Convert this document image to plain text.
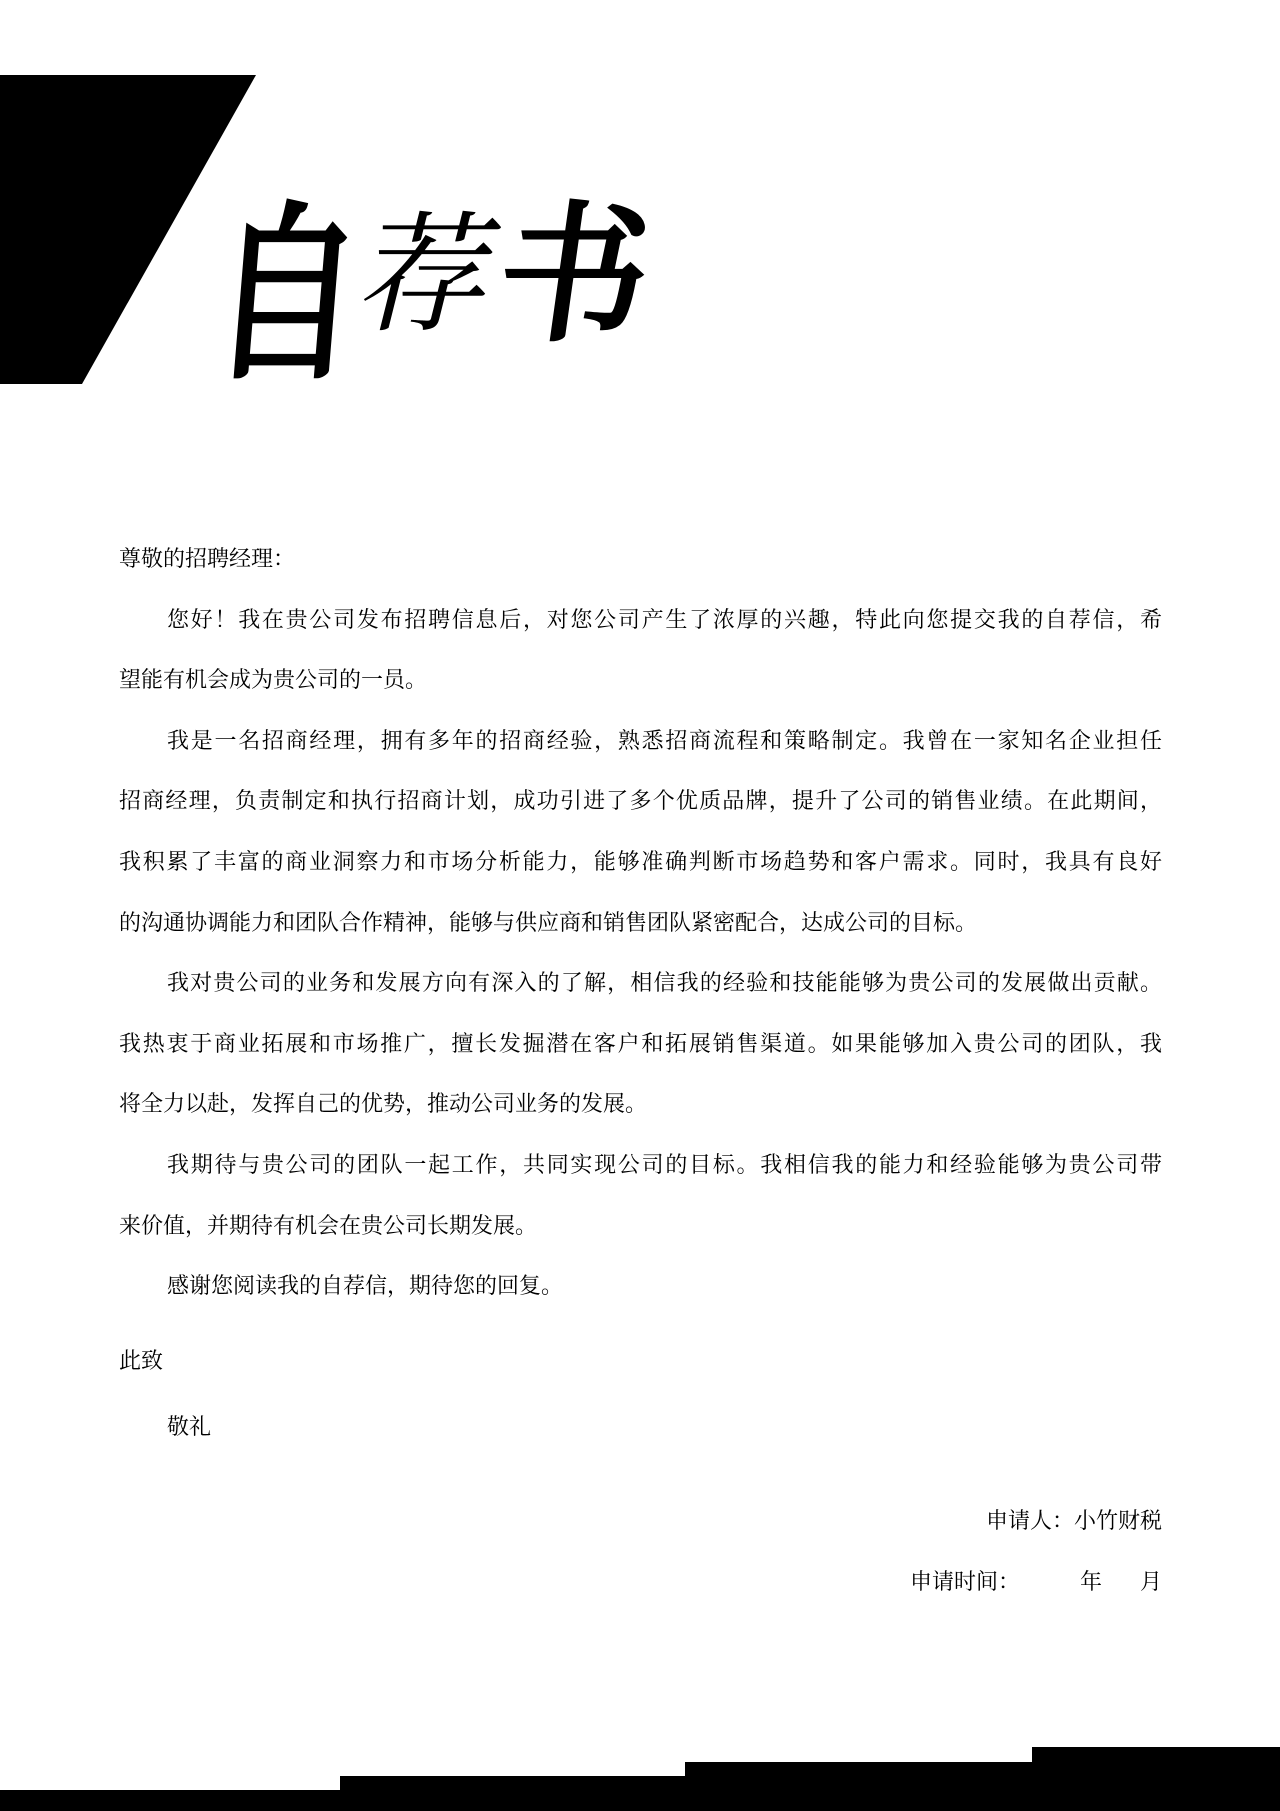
自
荐
书
尊敬的招聘经理：
您好！我在贵公司发布招聘信息后，对您公司产生了浓厚的兴趣，特此向您提交我的自荐信，希
望能有机会成为贵公司的一员。
我是一名招商经理，拥有多年的招商经验，熟悉招商流程和策略制定。我曾在一家知名企业担任
招商经理，负责制定和执行招商计划，成功引进了多个优质品牌，提升了公司的销售业绩。在此期间，
我积累了丰富的商业洞察力和市场分析能力，能够准确判断市场趋势和客户需求。同时，我具有良好
的沟通协调能力和团队合作精神，能够与供应商和销售团队紧密配合，达成公司的目标。
我对贵公司的业务和发展方向有深入的了解，相信我的经验和技能能够为贵公司的发展做出贡献。
我热衷于商业拓展和市场推广，擅长发掘潜在客户和拓展销售渠道。如果能够加入贵公司的团队，我
将全力以赴，发挥自己的优势，推动公司业务的发展。
我期待与贵公司的团队一起工作，共同实现公司的目标。我相信我的能力和经验能够为贵公司带
来价值，并期待有机会在贵公司长期发展。
感谢您阅读我的自荐信，期待您的回复。
此致
敬礼
申请人：小竹财税
申请时间：	年 月
